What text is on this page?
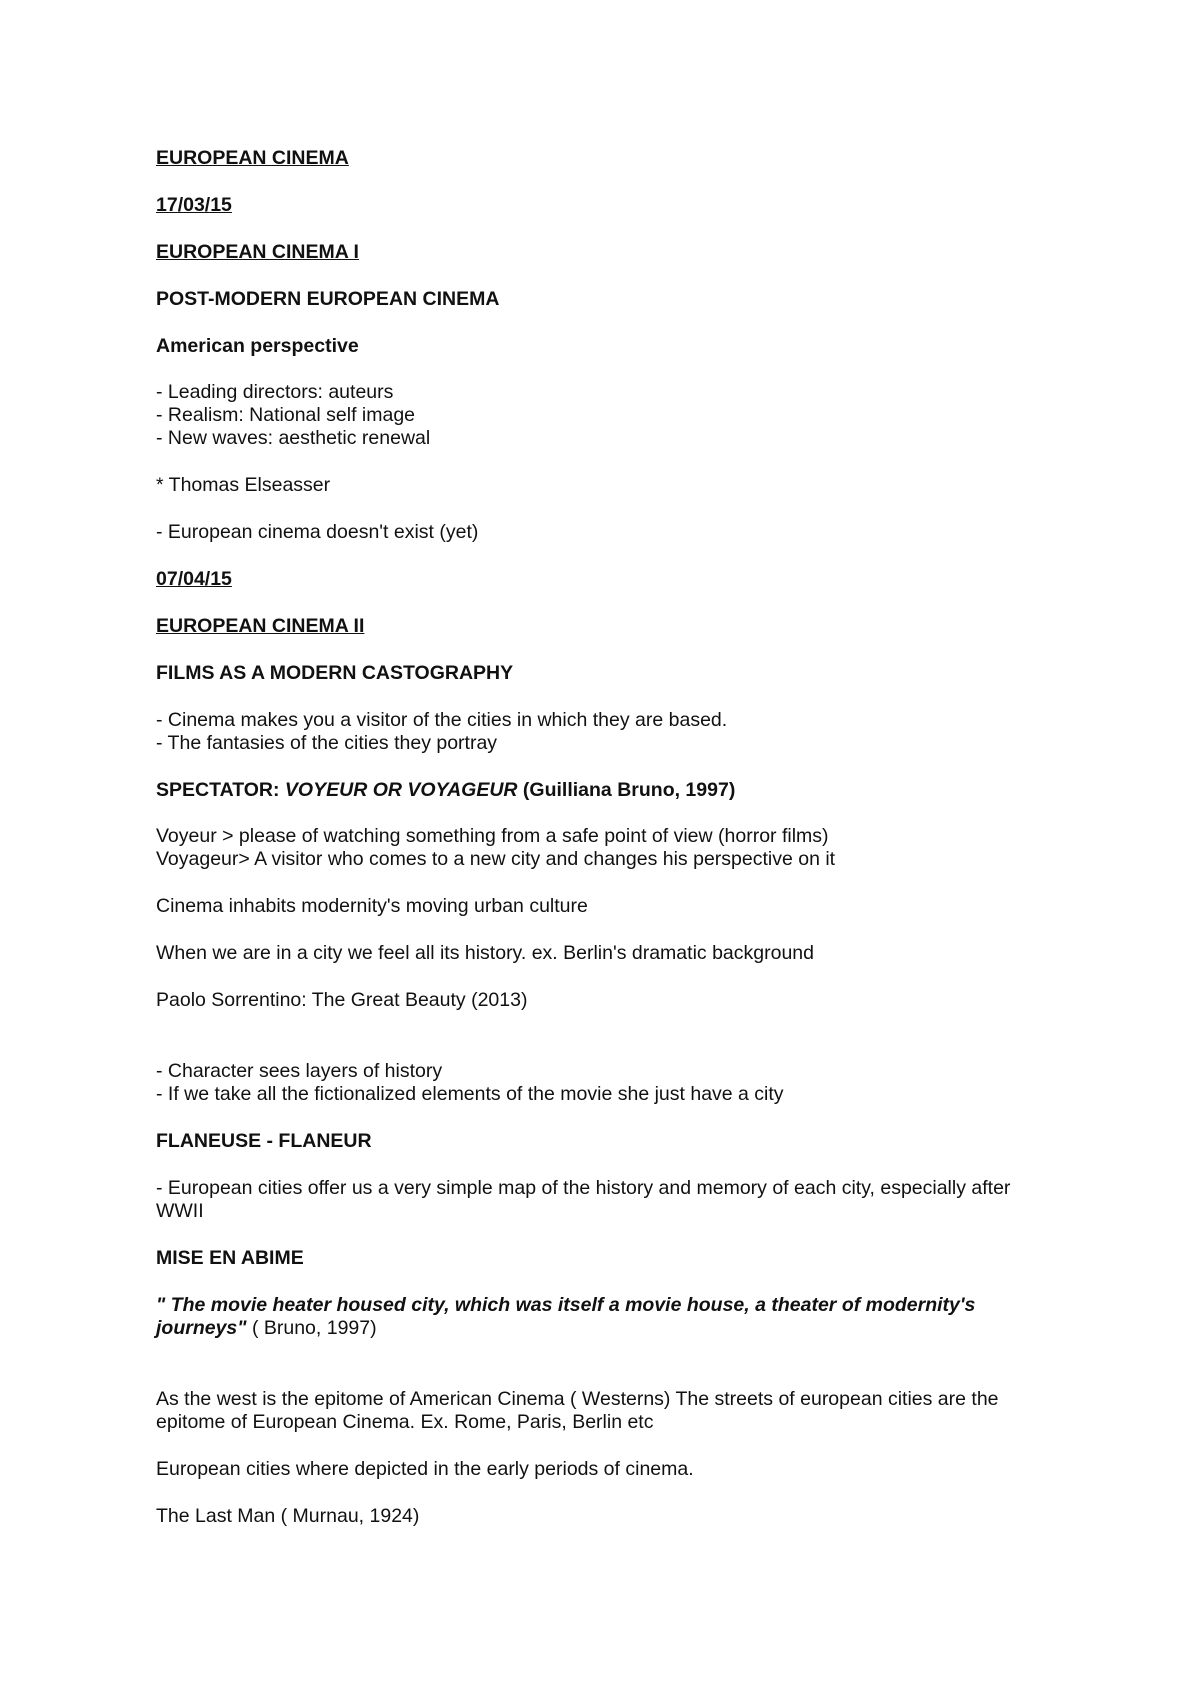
EUROPEAN CINEMA
17/03/15
EUROPEAN CINEMA I
POST-MODERN EUROPEAN CINEMA
American perspective
- Leading directors: auteurs
- Realism: National self image
- New waves: aesthetic renewal
* Thomas Elseasser
- European cinema doesn't exist (yet)
07/04/15
EUROPEAN CINEMA II
FILMS AS A MODERN CASTOGRAPHY
- Cinema makes you a visitor of the cities in which they are based.
- The fantasies of the cities they portray
SPECTATOR: VOYEUR OR VOYAGEUR (Guilliana Bruno, 1997)
Voyeur > please of watching something from a safe point of view (horror films)
Voyageur> A visitor who comes to a new city and changes his perspective on it
Cinema inhabits modernity's moving urban culture
When we are in a city we feel all its history. ex. Berlin's dramatic background
Paolo Sorrentino: The Great Beauty (2013)
- Character sees layers of history
- If we take all the fictionalized elements of the movie she just have a city
FLANEUSE - FLANEUR
- European cities offer us a very simple map of the history and memory of each city, especially after
WWII
MISE EN ABIME
" The movie heater housed city, which was itself a movie house, a theater of modernity's
journeys" ( Bruno, 1997)
As the west is the epitome of American Cinema ( Westerns) The streets of european cities are the
epitome of European Cinema. Ex. Rome, Paris, Berlin etc
European cities where depicted in the early periods of cinema.
The Last Man ( Murnau, 1924)
